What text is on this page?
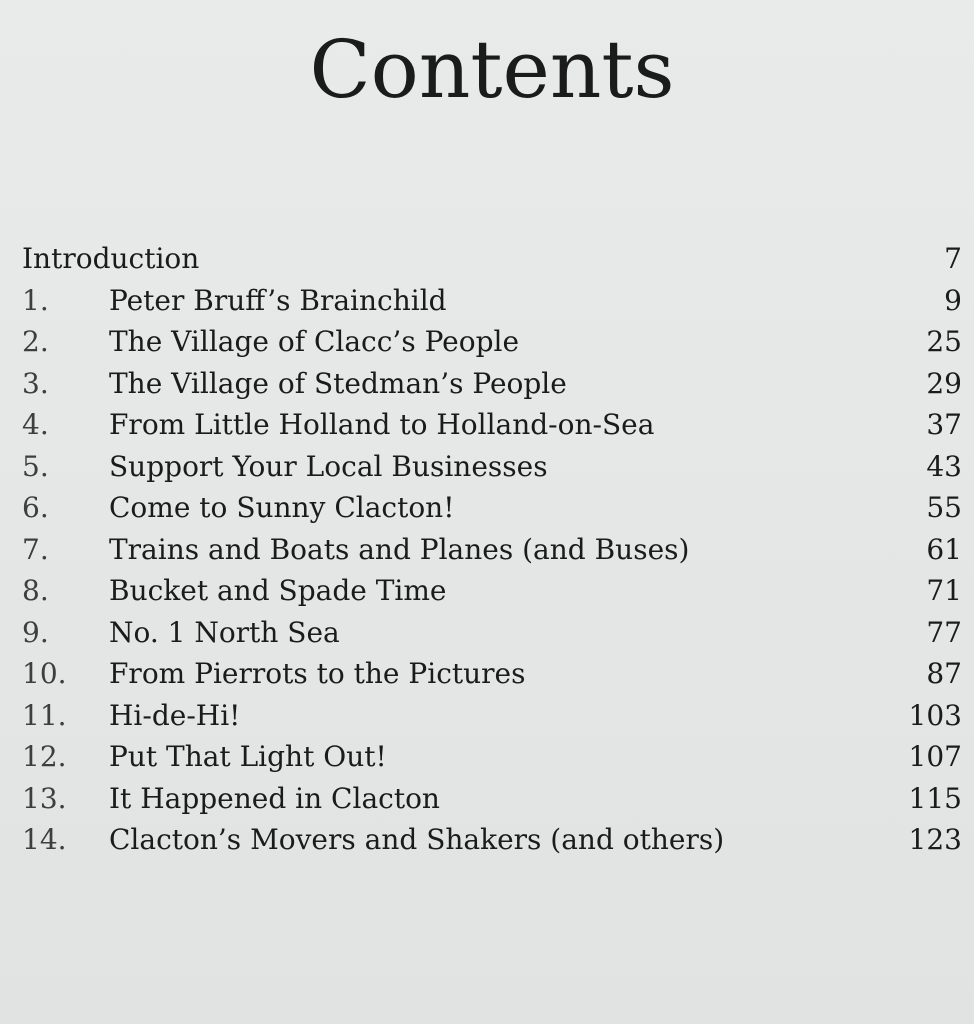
Contents
Introduction	7
1. Peter Bruff’s Brainchild	9
2. The Village of Clacc’s People	25
3. The Village of Stedman’s People	29
4. From Little Holland to Holland-on-Sea	37
5. Support Your Local Businesses	43
6. Come to Sunny Clacton!	55
7. Trains and Boats and Planes (and Buses)	61
8. Bucket and Spade Time	71
9. No. 1 North Sea	77
10. From Pierrots to the Pictures	87
11. Hi-de-Hi!	103
12. Put That Light Out!	107
13. It Happened in Clacton	115
14. Clacton’s Movers and Shakers (and others)	123
